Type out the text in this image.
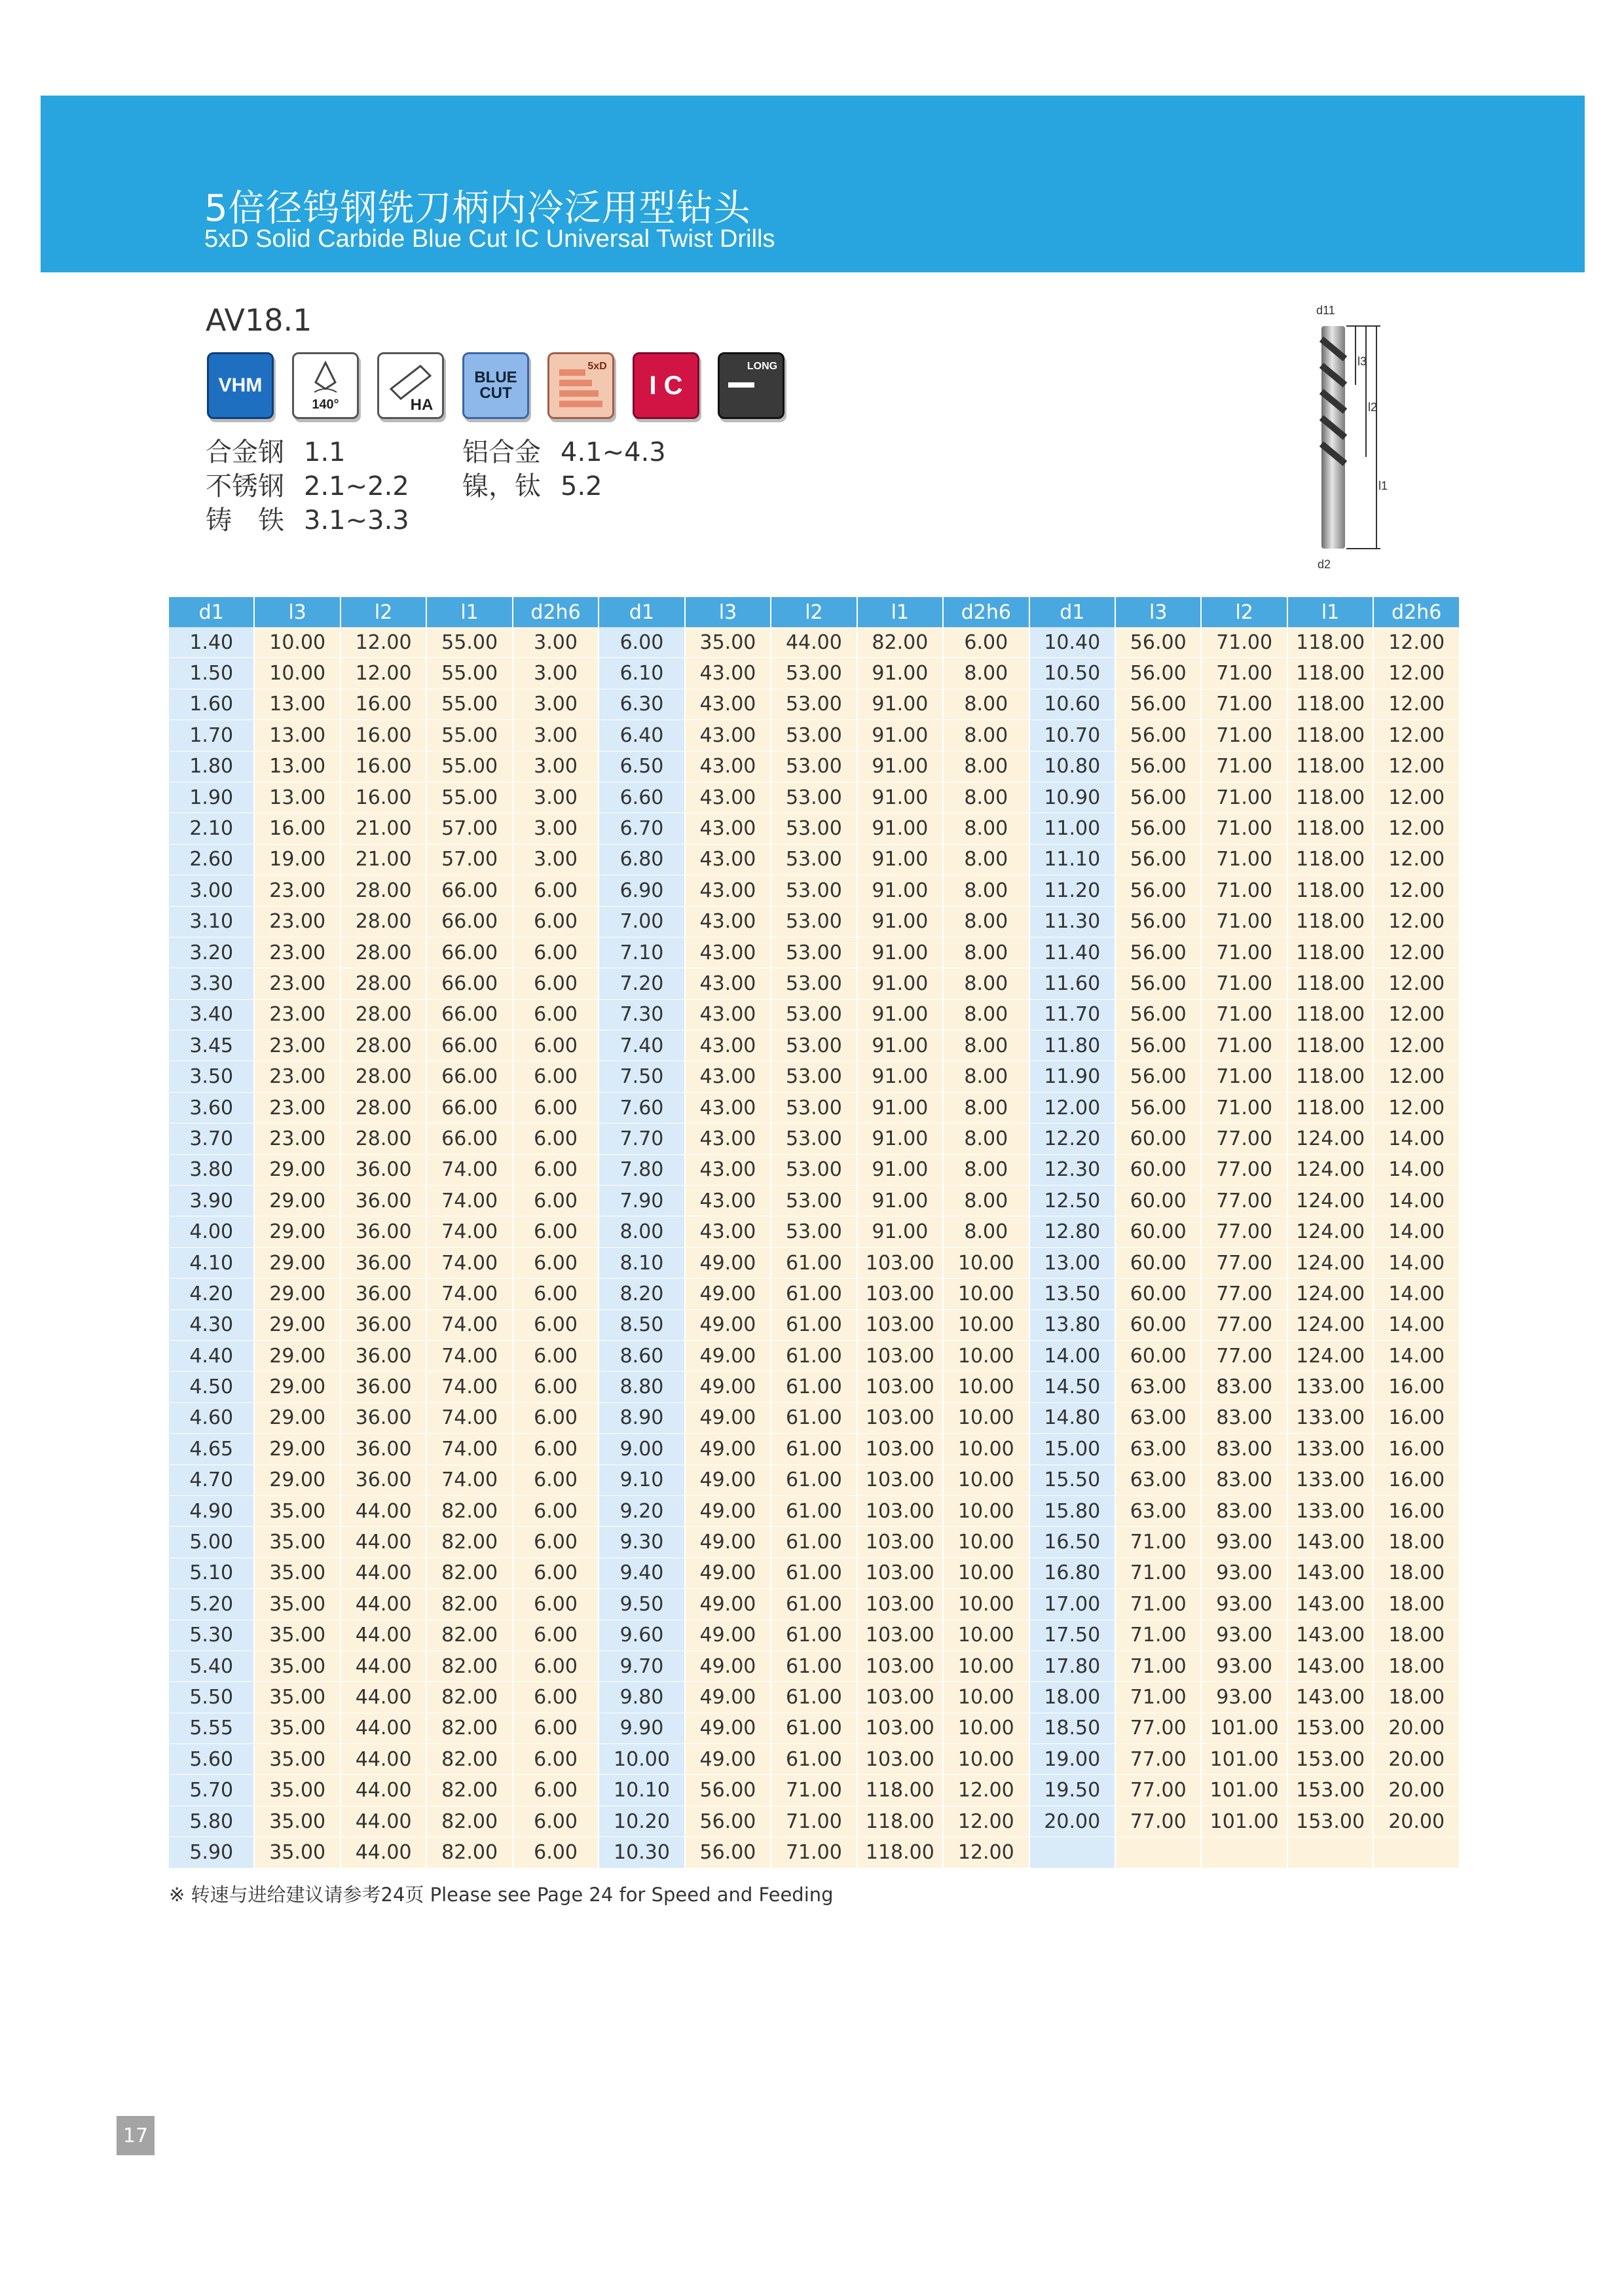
5倍径钨钢铣刀柄内冷泛用型钻头
5xD Solid Carbide Blue Cut IC Universal Twist Drills
AV18.1
VHM
140°	HA
BLUE CUT
5xD
I C
LONG
合金钢 1.1
不锈钢 2.1~2.2
铸　铁 3.1~3.3
铝合金 4.1~4.3
镍，钛 5.2
d11
l3
l2
l1
d2
d1	l3	l2	l1	d2h6	d1	l3	l2	l1	d2h6	d1	l3	l2	l1	d2h6
1.40	10.00	12.00	55.00	3.00	6.00	35.00	44.00	82.00	6.00	10.40	56.00	71.00	118.00	12.00
1.50	10.00	12.00	55.00	3.00	6.10	43.00	53.00	91.00	8.00	10.50	56.00	71.00	118.00	12.00
1.60	13.00	16.00	55.00	3.00	6.30	43.00	53.00	91.00	8.00	10.60	56.00	71.00	118.00	12.00
1.70	13.00	16.00	55.00	3.00	6.40	43.00	53.00	91.00	8.00	10.70	56.00	71.00	118.00	12.00
1.80	13.00	16.00	55.00	3.00	6.50	43.00	53.00	91.00	8.00	10.80	56.00	71.00	118.00	12.00
1.90	13.00	16.00	55.00	3.00	6.60	43.00	53.00	91.00	8.00	10.90	56.00	71.00	118.00	12.00
2.10	16.00	21.00	57.00	3.00	6.70	43.00	53.00	91.00	8.00	11.00	56.00	71.00	118.00	12.00
2.60	19.00	21.00	57.00	3.00	6.80	43.00	53.00	91.00	8.00	11.10	56.00	71.00	118.00	12.00
3.00	23.00	28.00	66.00	6.00	6.90	43.00	53.00	91.00	8.00	11.20	56.00	71.00	118.00	12.00
3.10	23.00	28.00	66.00	6.00	7.00	43.00	53.00	91.00	8.00	11.30	56.00	71.00	118.00	12.00
3.20	23.00	28.00	66.00	6.00	7.10	43.00	53.00	91.00	8.00	11.40	56.00	71.00	118.00	12.00
3.30	23.00	28.00	66.00	6.00	7.20	43.00	53.00	91.00	8.00	11.60	56.00	71.00	118.00	12.00
3.40	23.00	28.00	66.00	6.00	7.30	43.00	53.00	91.00	8.00	11.70	56.00	71.00	118.00	12.00
3.45	23.00	28.00	66.00	6.00	7.40	43.00	53.00	91.00	8.00	11.80	56.00	71.00	118.00	12.00
3.50	23.00	28.00	66.00	6.00	7.50	43.00	53.00	91.00	8.00	11.90	56.00	71.00	118.00	12.00
3.60	23.00	28.00	66.00	6.00	7.60	43.00	53.00	91.00	8.00	12.00	56.00	71.00	118.00	12.00
3.70	23.00	28.00	66.00	6.00	7.70	43.00	53.00	91.00	8.00	12.20	60.00	77.00	124.00	14.00
3.80	29.00	36.00	74.00	6.00	7.80	43.00	53.00	91.00	8.00	12.30	60.00	77.00	124.00	14.00
3.90	29.00	36.00	74.00	6.00	7.90	43.00	53.00	91.00	8.00	12.50	60.00	77.00	124.00	14.00
4.00	29.00	36.00	74.00	6.00	8.00	43.00	53.00	91.00	8.00	12.80	60.00	77.00	124.00	14.00
4.10	29.00	36.00	74.00	6.00	8.10	49.00	61.00	103.00	10.00	13.00	60.00	77.00	124.00	14.00
4.20	29.00	36.00	74.00	6.00	8.20	49.00	61.00	103.00	10.00	13.50	60.00	77.00	124.00	14.00
4.30	29.00	36.00	74.00	6.00	8.50	49.00	61.00	103.00	10.00	13.80	60.00	77.00	124.00	14.00
4.40	29.00	36.00	74.00	6.00	8.60	49.00	61.00	103.00	10.00	14.00	60.00	77.00	124.00	14.00
4.50	29.00	36.00	74.00	6.00	8.80	49.00	61.00	103.00	10.00	14.50	63.00	83.00	133.00	16.00
4.60	29.00	36.00	74.00	6.00	8.90	49.00	61.00	103.00	10.00	14.80	63.00	83.00	133.00	16.00
4.65	29.00	36.00	74.00	6.00	9.00	49.00	61.00	103.00	10.00	15.00	63.00	83.00	133.00	16.00
4.70	29.00	36.00	74.00	6.00	9.10	49.00	61.00	103.00	10.00	15.50	63.00	83.00	133.00	16.00
4.90	35.00	44.00	82.00	6.00	9.20	49.00	61.00	103.00	10.00	15.80	63.00	83.00	133.00	16.00
5.00	35.00	44.00	82.00	6.00	9.30	49.00	61.00	103.00	10.00	16.50	71.00	93.00	143.00	18.00
5.10	35.00	44.00	82.00	6.00	9.40	49.00	61.00	103.00	10.00	16.80	71.00	93.00	143.00	18.00
5.20	35.00	44.00	82.00	6.00	9.50	49.00	61.00	103.00	10.00	17.00	71.00	93.00	143.00	18.00
5.30	35.00	44.00	82.00	6.00	9.60	49.00	61.00	103.00	10.00	17.50	71.00	93.00	143.00	18.00
5.40	35.00	44.00	82.00	6.00	9.70	49.00	61.00	103.00	10.00	17.80	71.00	93.00	143.00	18.00
5.50	35.00	44.00	82.00	6.00	9.80	49.00	61.00	103.00	10.00	18.00	71.00	93.00	143.00	18.00
5.55	35.00	44.00	82.00	6.00	9.90	49.00	61.00	103.00	10.00	18.50	77.00	101.00	153.00	20.00
5.60	35.00	44.00	82.00	6.00	10.00	49.00	61.00	103.00	10.00	19.00	77.00	101.00	153.00	20.00
5.70	35.00	44.00	82.00	6.00	10.10	56.00	71.00	118.00	12.00	19.50	77.00	101.00	153.00	20.00
5.80	35.00	44.00	82.00	6.00	10.20	56.00	71.00	118.00	12.00	20.00	77.00	101.00	153.00	20.00
5.90	35.00	44.00	82.00	6.00	10.30	56.00	71.00	118.00	12.00					
※ 转速与进给建议请参考24页 Please see Page 24 for Speed and Feeding
17
